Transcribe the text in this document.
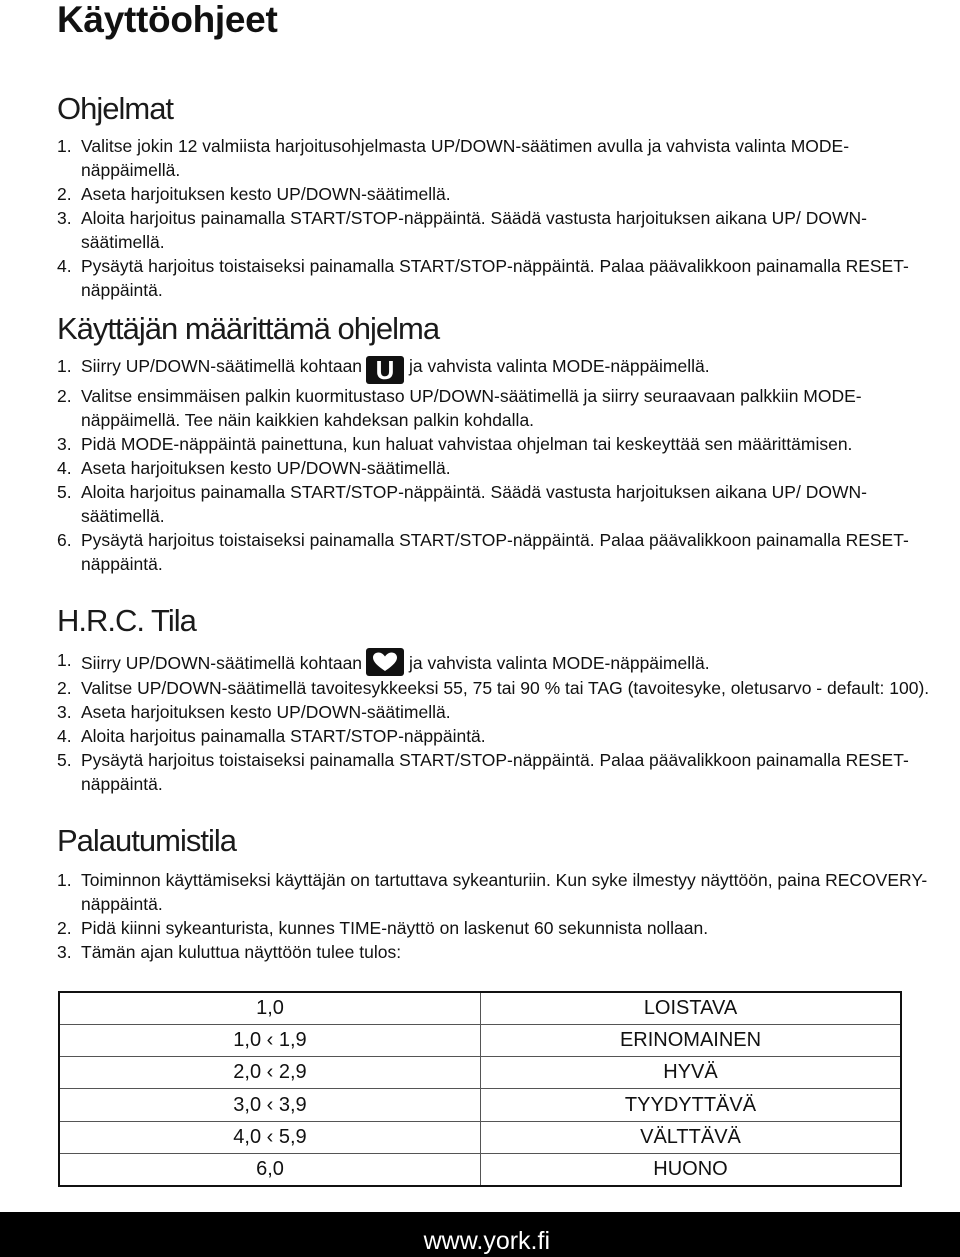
Käyttöohjeet
Ohjelmat
1. Valitse jokin 12 valmiista harjoitusohjelmasta UP/DOWN-säätimen avulla ja vahvista valinta MODE-näppäimellä.
2. Aseta harjoituksen kesto UP/DOWN-säätimellä.
3. Aloita harjoitus painamalla START/STOP-näppäintä. Säädä vastusta harjoituksen aikana UP/ DOWN-säätimellä.
4. Pysäytä harjoitus toistaiseksi painamalla START/STOP-näppäintä. Palaa päävalikkoon painamalla RESET-näppäintä.
Käyttäjän määrittämä ohjelma
1. Siirry UP/DOWN-säätimellä kohtaan U ja vahvista valinta MODE-näppäimellä.
2. Valitse ensimmäisen palkin kuormitustaso UP/DOWN-säätimellä ja siirry seuraavaan palkkiin MODE-näppäimellä. Tee näin kaikkien kahdeksan palkin kohdalla.
3. Pidä MODE-näppäintä painettuna, kun haluat vahvistaa ohjelman tai keskeyttää sen määrittämisen.
4. Aseta harjoituksen kesto UP/DOWN-säätimellä.
5. Aloita harjoitus painamalla START/STOP-näppäintä. Säädä vastusta harjoituksen aikana UP/ DOWN-säätimellä.
6. Pysäytä harjoitus toistaiseksi painamalla START/STOP-näppäintä. Palaa päävalikkoon painamalla RESET-näppäintä.
H.R.C. Tila
1. Siirry UP/DOWN-säätimellä kohtaan	ja vahvista valinta MODE-näppäimellä.
2. Valitse UP/DOWN-säätimellä tavoitesykkeeksi 55, 75 tai 90 % tai TAG (tavoitesyke, oletusarvo - default: 100).
3. Aseta harjoituksen kesto UP/DOWN-säätimellä.
4. Aloita harjoitus painamalla START/STOP-näppäintä.
5. Pysäytä harjoitus toistaiseksi painamalla START/STOP-näppäintä. Palaa päävalikkoon painamalla RESET-näppäintä.
Palautumistila
1. Toiminnon käyttämiseksi käyttäjän on tartuttava sykeanturiin. Kun syke ilmestyy näyttöön, paina RECOVERY-näppäintä.
2. Pidä kiinni sykeanturista, kunnes TIME-näyttö on laskenut 60 sekunnista nollaan.
3. Tämän ajan kuluttua näyttöön tulee tulos:
1,0	LOISTAVA
1,0 ‹ 1,9	ERINOMAINEN
2,0 ‹ 2,9	HYVÄ
3,0 ‹ 3,9	TYYDYTTÄVÄ
4,0 ‹ 5,9	VÄLTTÄVÄ
6,0	HUONO
www.york.fi
